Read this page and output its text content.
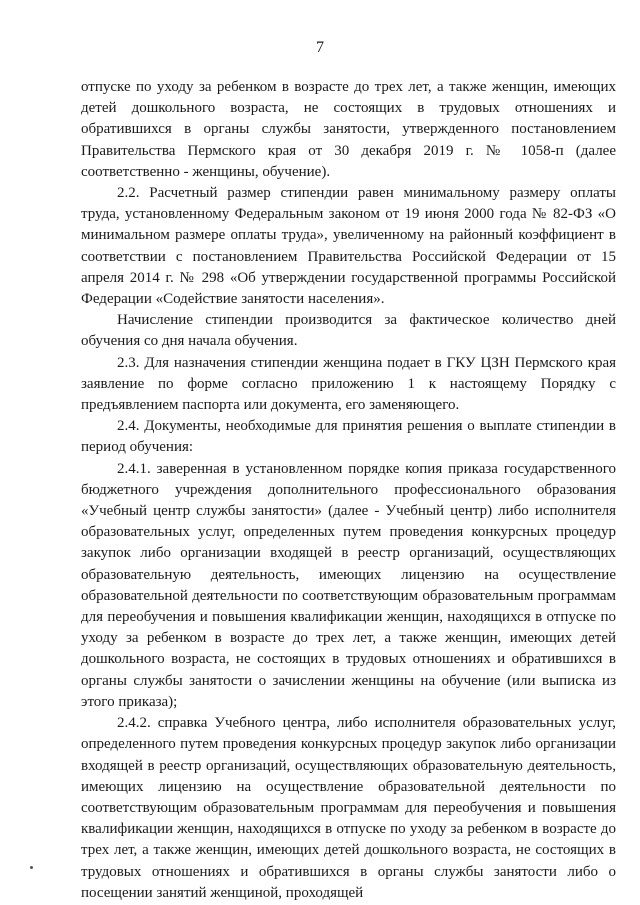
7

отпуске по уходу за ребенком в возрасте до трех лет, а также женщин, имеющих детей дошкольного возраста, не состоящих в трудовых отношениях и обратившихся в органы службы занятости, утвержденного постановлением Правительства Пермского края от 30 декабря 2019 г. № 1058-п (далее соответственно - женщины, обучение).

2.2. Расчетный размер стипендии равен минимальному размеру оплаты труда, установленному Федеральным законом от 19 июня 2000 года № 82-ФЗ «О минимальном размере оплаты труда», увеличенному на районный коэффициент в соответствии с постановлением Правительства Российской Федерации от 15 апреля 2014 г. № 298 «Об утверждении государственной программы Российской Федерации «Содействие занятости населения».

Начисление стипендии производится за фактическое количество дней обучения со дня начала обучения.

2.3. Для назначения стипендии женщина подает в ГКУ ЦЗН Пермского края заявление по форме согласно приложению 1 к настоящему Порядку с предъявлением паспорта или документа, его заменяющего.

2.4. Документы, необходимые для принятия решения о выплате стипендии в период обучения:

2.4.1. заверенная в установленном порядке копия приказа государственного бюджетного учреждения дополнительного профессионального образования «Учебный центр службы занятости» (далее - Учебный центр) либо исполнителя образовательных услуг, определенных путем проведения конкурсных процедур закупок либо организации входящей в реестр организаций, осуществляющих образовательную деятельность, имеющих лицензию на осуществление образовательной деятельности по соответствующим образовательным программам для переобучения и повышения квалификации женщин, находящихся в отпуске по уходу за ребенком в возрасте до трех лет, а также женщин, имеющих детей дошкольного возраста, не состоящих в трудовых отношениях и обратившихся в органы службы занятости о зачислении женщины на обучение (или выписка из этого приказа);

2.4.2. справка Учебного центра, либо исполнителя образовательных услуг, определенного путем проведения конкурсных процедур закупок либо организации входящей в реестр организаций, осуществляющих образовательную деятельность, имеющих лицензию на осуществление образовательной деятельности по соответствующим образовательным программам для переобучения и повышения квалификации женщин, находящихся в отпуске по уходу за ребенком в возрасте до трех лет, а также женщин, имеющих детей дошкольного возраста, не состоящих в трудовых отношениях и обратившихся в органы службы занятости либо о посещении занятий женщиной, проходящей
